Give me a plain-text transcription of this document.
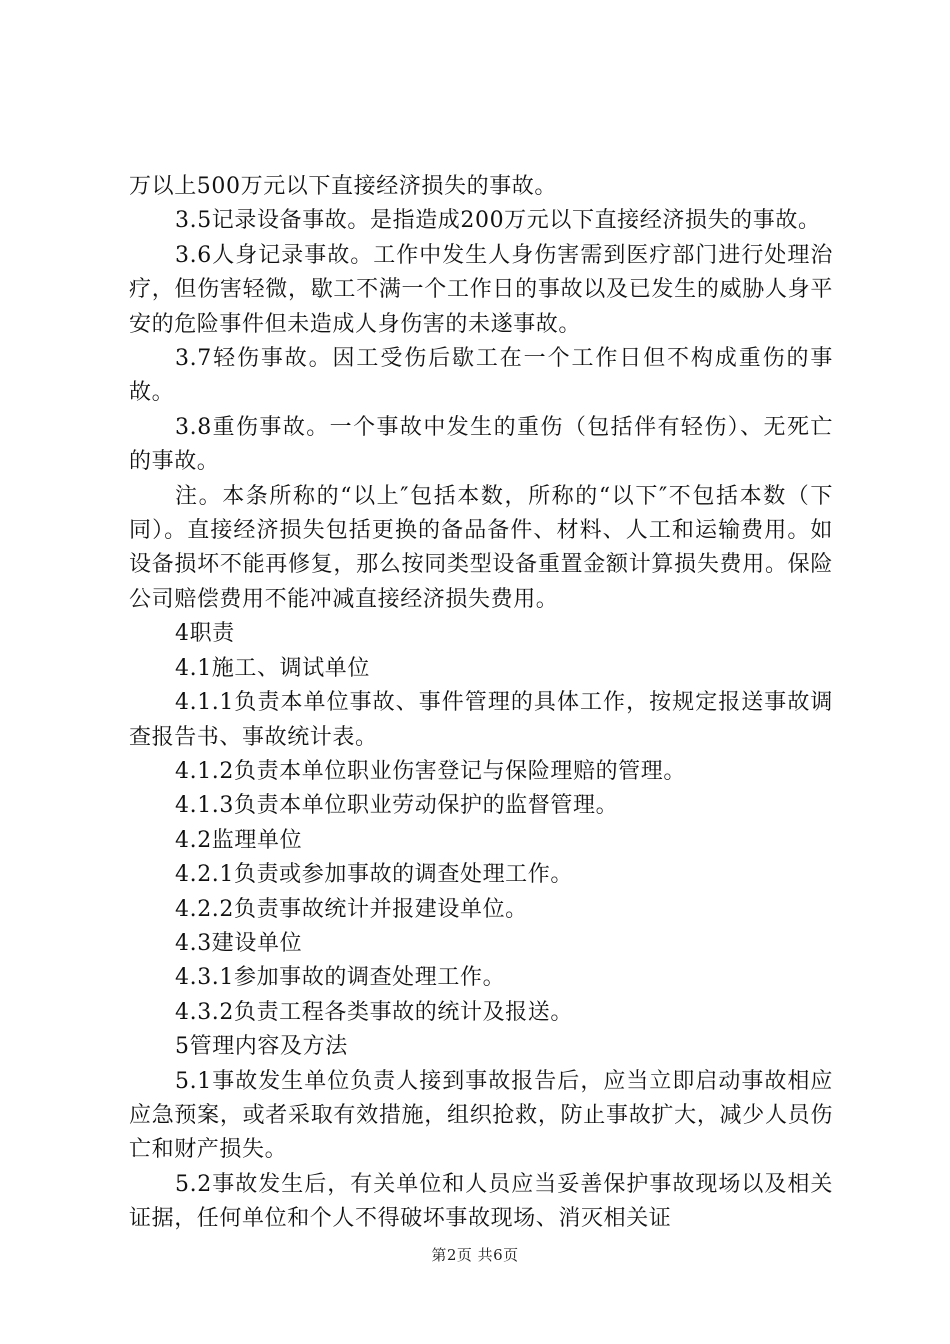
万以上500万元以下直接经济损失的事故。

3.5记录设备事故。是指造成200万元以下直接经济损失的事故。

3.6人身记录事故。工作中发生人身伤害需到医疗部门进行处理治疗，但伤害轻微，歇工不满一个工作日的事故以及已发生的威胁人身平安的危险事件但未造成人身伤害的未遂事故。

3.7轻伤事故。因工受伤后歇工在一个工作日但不构成重伤的事故。

3.8重伤事故。一个事故中发生的重伤（包括伴有轻伤）、无死亡的事故。

注。本条所称的“以上″包括本数，所称的“以下″不包括本数（下同）。直接经济损失包括更换的备品备件、材料、人工和运输费用。如设备损坏不能再修复，那么按同类型设备重置金额计算损失费用。保险公司赔偿费用不能冲减直接经济损失费用。

4职责

4.1施工、调试单位

4.1.1负责本单位事故、事件管理的具体工作，按规定报送事故调查报告书、事故统计表。

4.1.2负责本单位职业伤害登记与保险理赔的管理。

4.1.3负责本单位职业劳动保护的监督管理。

4.2监理单位

4.2.1负责或参加事故的调查处理工作。

4.2.2负责事故统计并报建设单位。

4.3建设单位

4.3.1参加事故的调查处理工作。

4.3.2负责工程各类事故的统计及报送。

5管理内容及方法

5.1事故发生单位负责人接到事故报告后，应当立即启动事故相应应急预案，或者采取有效措施，组织抢救，防止事故扩大，减少人员伤亡和财产损失。

5.2事故发生后，有关单位和人员应当妥善保护事故现场以及相关证据，任何单位和个人不得破坏事故现场、消灭相关证

第2页 共6页
